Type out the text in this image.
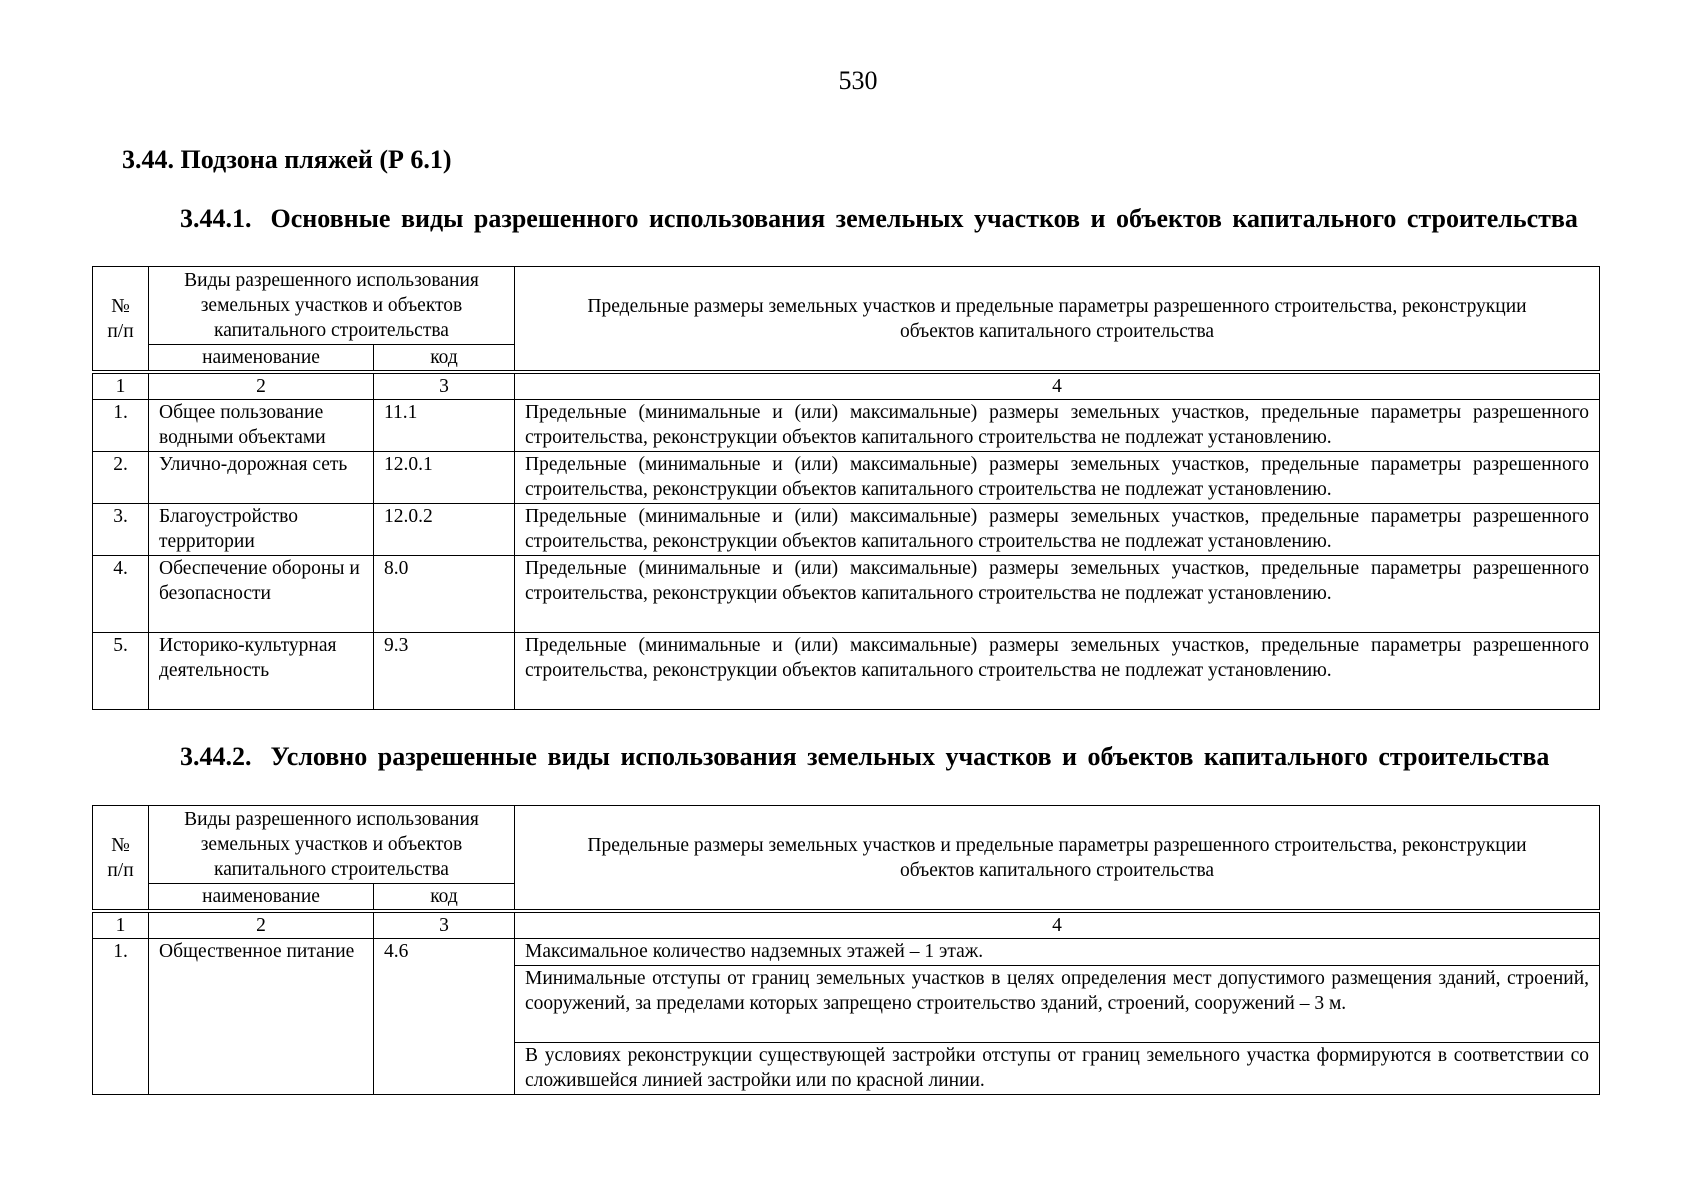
530
3.44. Подзона пляжей (Р 6.1)
3.44.1. Основные виды разрешенного использования земельных участков и объектов капитального строительства
№
п/п	Виды разрешенного использования земельных участков и объектов капитального строительства		Предельные размеры земельных участков и предельные параметры разрешенного строительства, реконструкции объектов капитального строительства
	наименование	код	
1	2	3	4
1.	Общее пользование водными объектами	11.1	Предельные (минимальные и (или) максимальные) размеры земельных участков, предельные параметры разрешенного строительства, реконструкции объектов капитального строительства не подлежат установлению.
2.	Улично-дорожная сеть	12.0.1	Предельные (минимальные и (или) максимальные) размеры земельных участков, предельные параметры разрешенного строительства, реконструкции объектов капитального строительства не подлежат установлению.
3.	Благоустройство территории	12.0.2	Предельные (минимальные и (или) максимальные) размеры земельных участков, предельные параметры разрешенного строительства, реконструкции объектов капитального строительства не подлежат установлению.
4.	Обеспечение обороны и безопасности	8.0	Предельные (минимальные и (или) максимальные) размеры земельных участков, предельные параметры разрешенного строительства, реконструкции объектов капитального строительства не подлежат установлению.
5.	Историко-культурная деятельность	9.3	Предельные (минимальные и (или) максимальные) размеры земельных участков, предельные параметры разрешенного строительства, реконструкции объектов капитального строительства не подлежат установлению.
3.44.2. Условно разрешенные виды использования земельных участков и объектов капитального строительства
№
п/п	Виды разрешенного использования земельных участков и объектов капитального строительства		Предельные размеры земельных участков и предельные параметры разрешенного строительства, реконструкции объектов капитального строительства
	наименование	код	
1	2	3	4
1.	Общественное питание	4.6	Максимальное количество надземных этажей – 1 этаж.
			Минимальные отступы от границ земельных участков в целях определения мест допустимого размещения зданий, строений, сооружений, за пределами которых запрещено строительство зданий, строений, сооружений – 3 м.
			В условиях реконструкции существующей застройки отступы от границ земельного участка формируются в соответствии со сложившейся линией застройки или по красной линии.
